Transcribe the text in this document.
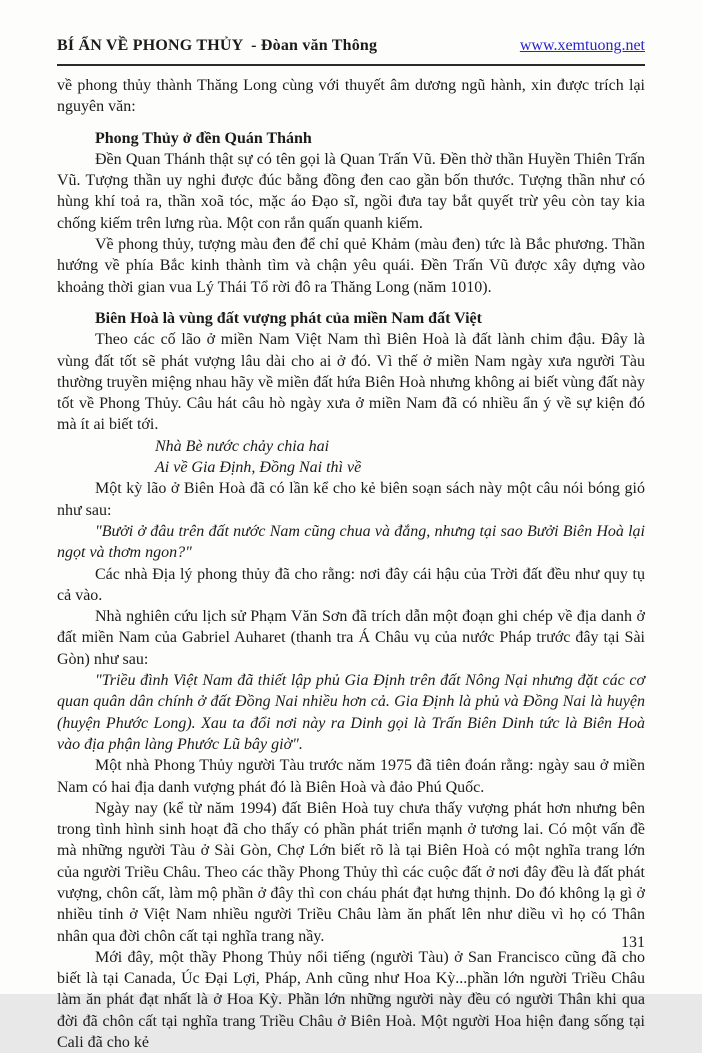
BÍ ẨN VỀ PHONG THỦY  - Đòan văn Thông	www.xemtuong.net

về phong thủy thành Thăng Long cùng với thuyết âm dương ngũ hành, xin được trích lại nguyên văn:

Phong Thủy ở đền Quán Thánh

Đền Quan Thánh thật sự có tên gọi là Quan Trấn Vũ. Đền thờ thần Huyền Thiên Trấn Vũ. Tượng thần uy nghi được đúc bằng đồng đen cao gần bốn thước. Tượng thần như có hùng khí toả ra, thần xoã tóc, mặc áo Đạo sĩ, ngồi đưa tay bắt quyết trừ yêu còn tay kia chống kiếm trên lưng rùa. Một con rắn quấn quanh kiếm.

Về phong thủy, tượng màu đen để chỉ quẻ Khảm (màu đen) tức là Bắc phương. Thần hướng về phía Bắc kinh thành tìm và chận yêu quái. Đền Trấn Vũ được xây dựng vào khoảng thời gian vua Lý Thái Tổ rời đô ra Thăng Long (năm 1010).

Biên Hoà là vùng đất vượng phát của miền Nam đất Việt

Theo các cố lão ở miền Nam Việt Nam thì Biên Hoà là đất lành chim đậu. Đây là vùng đất tốt sẽ phát vượng lâu dài cho ai ở đó. Vì thế ở miền Nam ngày xưa người Tàu thường truyền miệng nhau hãy về miền đất hứa Biên Hoà nhưng không ai biết vùng đất này tốt về Phong Thủy. Câu hát câu hò ngày xưa ở miền Nam đã có nhiều ẩn ý về sự kiện đó mà ít ai biết tới.

Nhà Bè nước chảy chia hai

Ai về Gia Định, Đồng Nai thì về

Một kỳ lão ở Biên Hoà đã có lần kể cho kẻ biên soạn sách này một câu nói bóng gió như sau:

"Bưởi ở đâu trên đất nước Nam cũng chua và đắng, nhưng tại sao Bưởi Biên Hoà lại ngọt và thơm ngon?"

Các nhà Địa lý phong thủy đã cho rằng: nơi đây cái hậu của Trời đất đều như quy tụ cả vào.

Nhà nghiên cứu lịch sử Phạm Văn Sơn đã trích dẫn một đoạn ghi chép về địa danh ở đất miền Nam của Gabriel Auharet (thanh tra Á Châu vụ của nước Pháp trước đây tại Sài Gòn) như sau:

"Triều đình Việt Nam đã thiết lập phủ Gia Định trên đất Nông Nại nhưng đặt các cơ quan quân dân chính ở đất Đồng Nai nhiều hơn cả. Gia Định là phủ và Đồng Nai là huyện (huyện Phước Long). Xau ta đổi nơi này ra Dinh gọi là Trấn Biên Dinh tức là Biên Hoà vào địa phận làng Phước Lũ bây giờ".

Một nhà Phong Thủy người Tàu trước năm 1975 đã tiên đoán rằng: ngày sau ở miền Nam có hai địa danh vượng phát đó là Biên Hoà và đảo Phú Quốc.

Ngày nay (kể từ năm 1994) đất Biên Hoà tuy chưa thấy vượng phát hơn nhưng bên trong tình hình sinh hoạt đã cho thấy có phần phát triển mạnh ở tương lai. Có một vấn đề mà những người Tàu ở Sài Gòn, Chợ Lớn biết rõ là tại Biên Hoà có một nghĩa trang lớn của người Triều Châu. Theo các thầy Phong Thủy thì các cuộc đất ở nơi đây đều là đất phát vượng, chôn cất, làm mộ phần ở đây thì con cháu phát đạt hưng thịnh. Do đó không lạ gì ở nhiều tỉnh ở Việt Nam nhiều người Triều Châu làm ăn phất lên như diều vì họ có Thân nhân qua đời chôn cất tại nghĩa trang nầy.

Mới đây, một thầy Phong Thủy nổi tiếng (người Tàu) ở San Francisco cũng đã cho biết là tại Canada, Úc Đại Lợi, Pháp, Anh cũng như Hoa Kỳ...phần lớn người Triều Châu làm ăn phát đạt nhất là ở Hoa Kỳ. Phần lớn những người này đều có người Thân khi qua đời đã chôn cất tại nghĩa trang Triều Châu ở Biên Hoà. Một người Hoa hiện đang sống tại Cali đã cho kẻ

131
